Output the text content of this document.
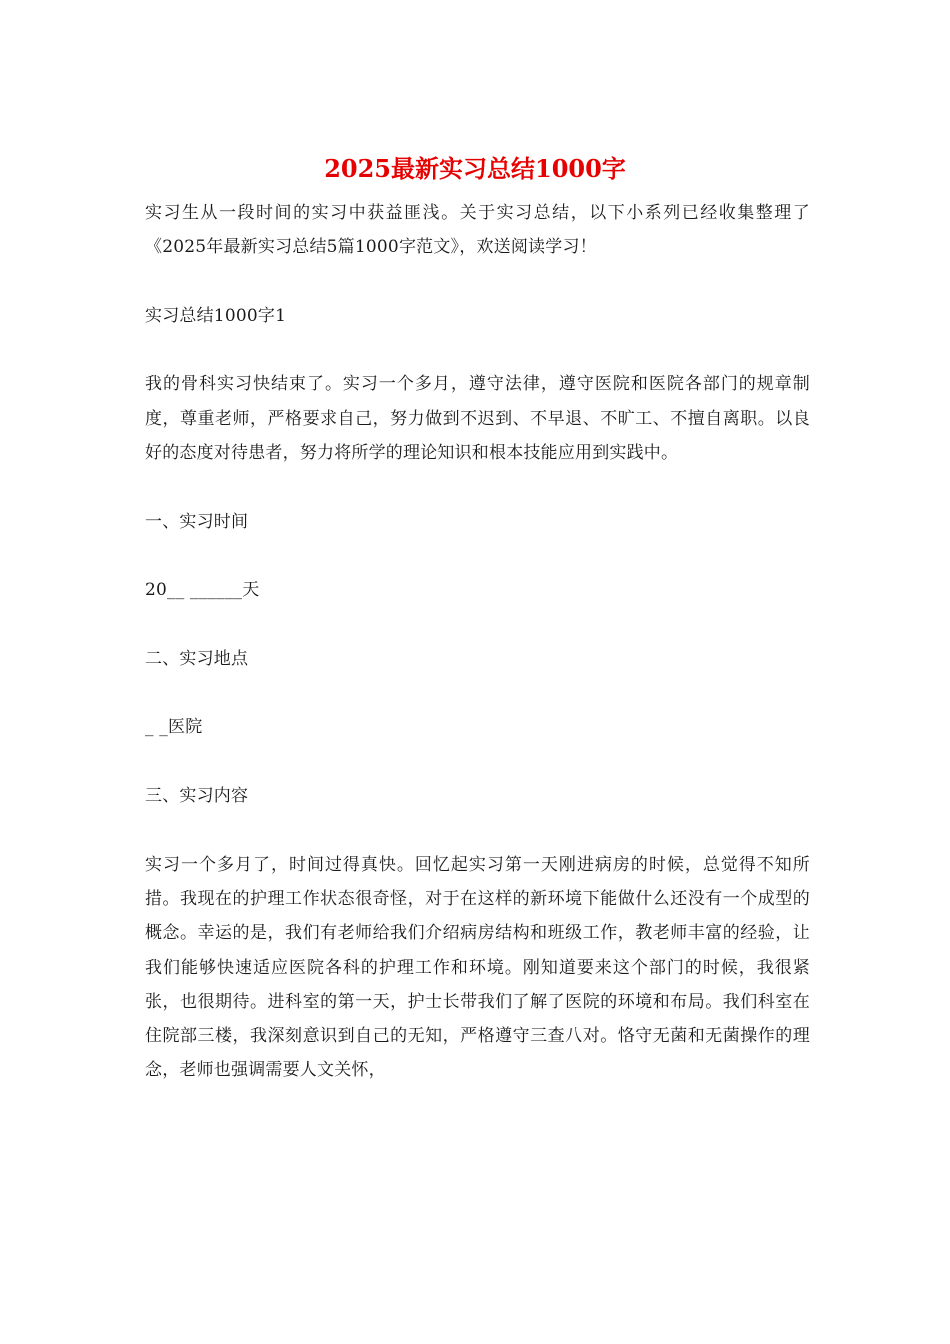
2025最新实习总结1000字

实习生从一段时间的实习中获益匪浅。关于实习总结，以下小系列已经收集整理了《2025年最新实习总结5篇1000字范文》，欢送阅读学习！

实习总结1000字1

我的骨科实习快结束了。实习一个多月，遵守法律，遵守医院和医院各部门的规章制度，尊重老师，严格要求自己，努力做到不迟到、不早退、不旷工、不擅自离职。以良好的态度对待患者，努力将所学的理论知识和根本技能应用到实践中。

一、实习时间

20__ ______天

二、实习地点

_ _医院

三、实习内容

实习一个多月了，时间过得真快。回忆起实习第一天刚进病房的时候，总觉得不知所措。我现在的护理工作状态很奇怪，对于在这样的新环境下能做什么还没有一个成型的概念。幸运的是，我们有老师给我们介绍病房结构和班级工作，教老师丰富的经验，让我们能够快速适应医院各科的护理工作和环境。刚知道要来这个部门的时候，我很紧张，也很期待。进科室的第一天，护士长带我们了解了医院的环境和布局。我们科室在住院部三楼，我深刻意识到自己的无知，严格遵守三查八对。恪守无菌和无菌操作的理念，老师也强调需要人文关怀，
